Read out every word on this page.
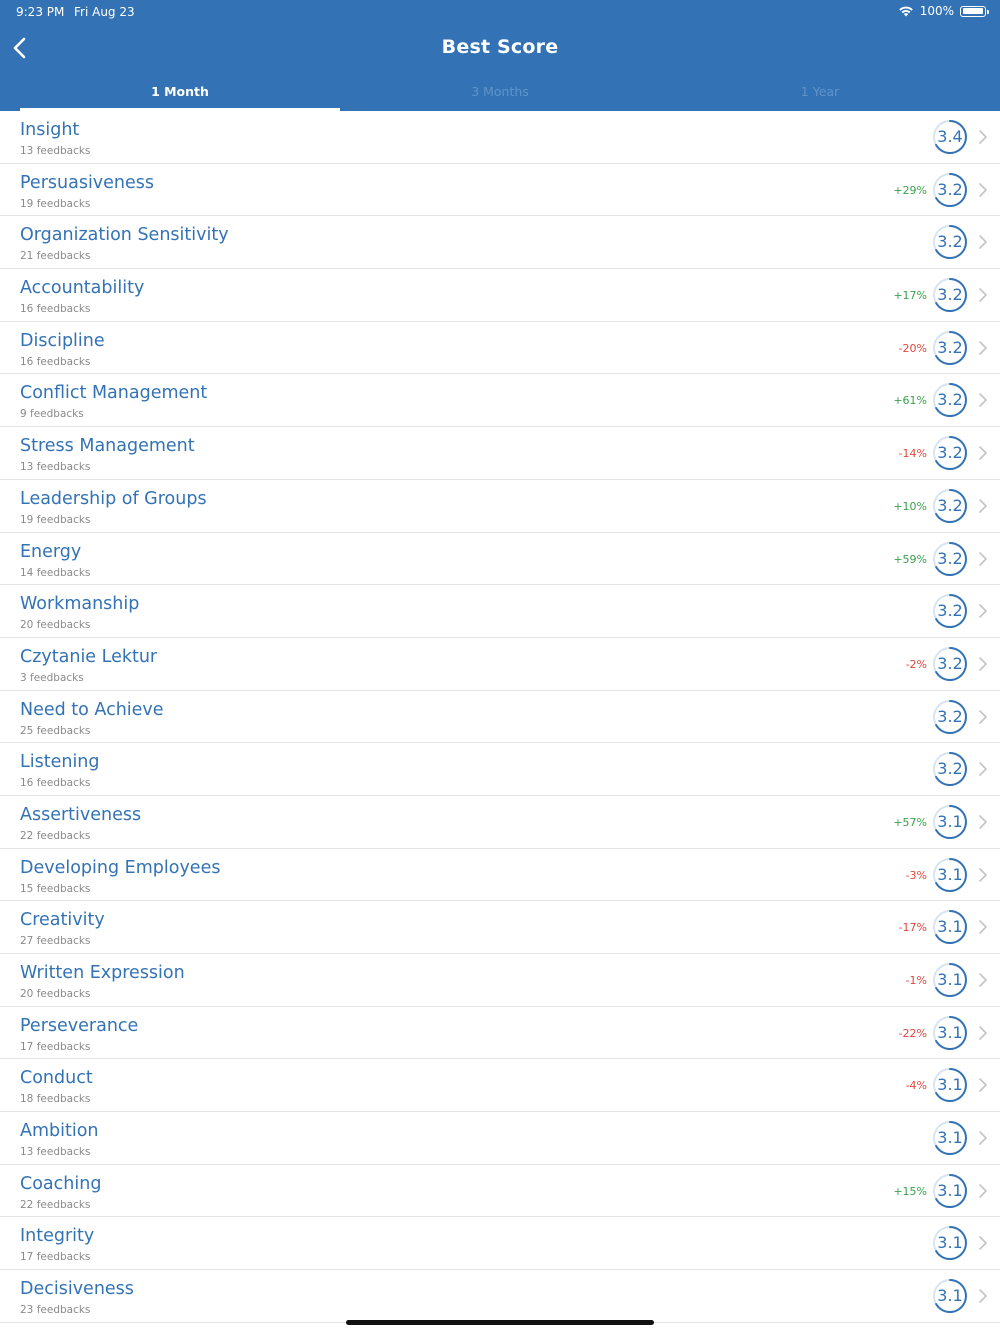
9:23 PM Fri Aug 23	100%
Best Score
1 Month	3 Months	1 Year
Insight
13 feedbacks
3.4
Persuasiveness
19 feedbacks
+29% 3.2
Organization Sensitivity
21 feedbacks
3.2
Accountability
16 feedbacks
+17% 3.2
Discipline
16 feedbacks
-20% 3.2
Conflict Management
9 feedbacks
+61% 3.2
Stress Management
13 feedbacks
-14% 3.2
Leadership of Groups
19 feedbacks
+10% 3.2
Energy
14 feedbacks
+59% 3.2
Workmanship
20 feedbacks
3.2
Czytanie Lektur
3 feedbacks
-2% 3.2
Need to Achieve
25 feedbacks
3.2
Listening
16 feedbacks
3.2
Assertiveness
22 feedbacks
+57% 3.1
Developing Employees
15 feedbacks
-3% 3.1
Creativity
27 feedbacks
-17% 3.1
Written Expression
20 feedbacks
-1% 3.1
Perseverance
17 feedbacks
-22% 3.1
Conduct
18 feedbacks
-4% 3.1
Ambition
13 feedbacks
3.1
Coaching
22 feedbacks
+15% 3.1
Integrity
17 feedbacks
3.1
Decisiveness
23 feedbacks
3.1
